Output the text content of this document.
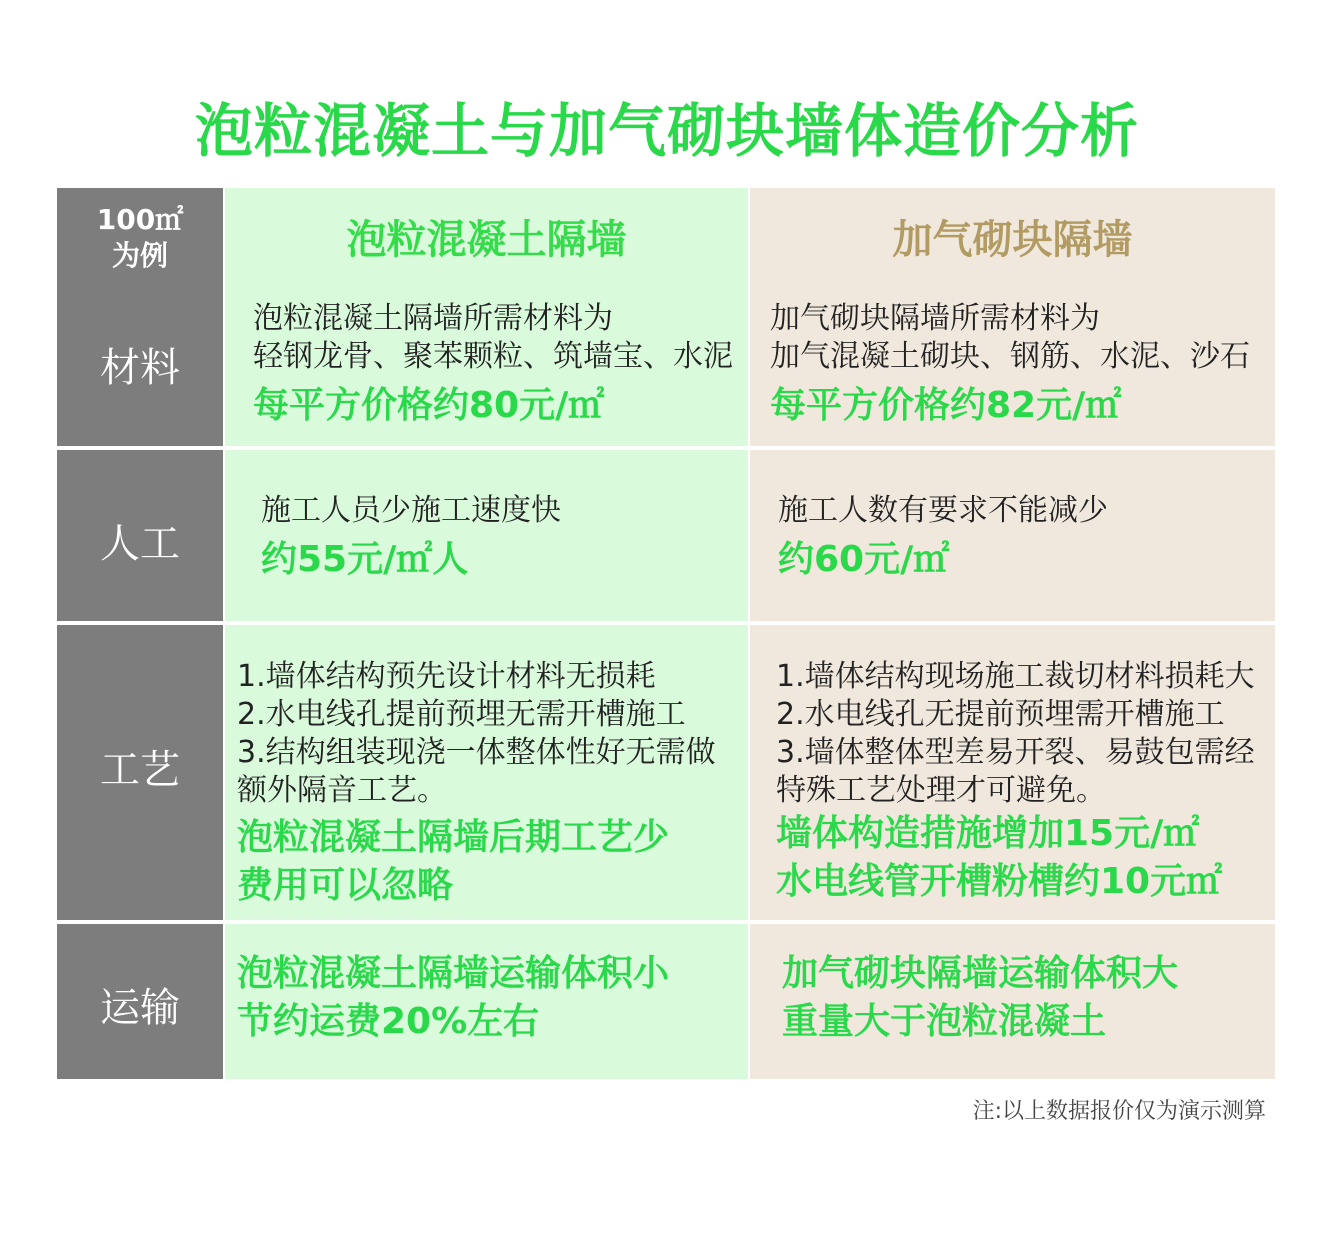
泡粒混凝土与加气砌块墙体造价分析
100㎡
为例
材料
泡粒混凝土隔墙
泡粒混凝土隔墙所需材料为
轻钢龙骨、聚苯颗粒、筑墙宝、水泥
每平方价格约80元/㎡
加气砌块隔墙
加气砌块隔墙所需材料为
加气混凝土砌块、钢筋、水泥、沙石
每平方价格约82元/㎡
人工
施工人员少施工速度快
约55元/㎡人
施工人数有要求不能减少
约60元/㎡
工艺
1.墙体结构预先设计材料无损耗
2.水电线孔提前预埋无需开槽施工
3.结构组装现浇一体整体性好无需做
额外隔音工艺。
泡粒混凝土隔墙后期工艺少
费用可以忽略
1.墙体结构现场施工裁切材料损耗大
2.水电线孔无提前预埋需开槽施工
3.墙体整体型差易开裂、易鼓包需经
特殊工艺处理才可避免。
墙体构造措施增加15元/㎡
水电线管开槽粉槽约10元㎡
运输
泡粒混凝土隔墙运输体积小
节约运费20%左右
加气砌块隔墙运输体积大
重量大于泡粒混凝土
注:以上数据报价仅为演示测算
